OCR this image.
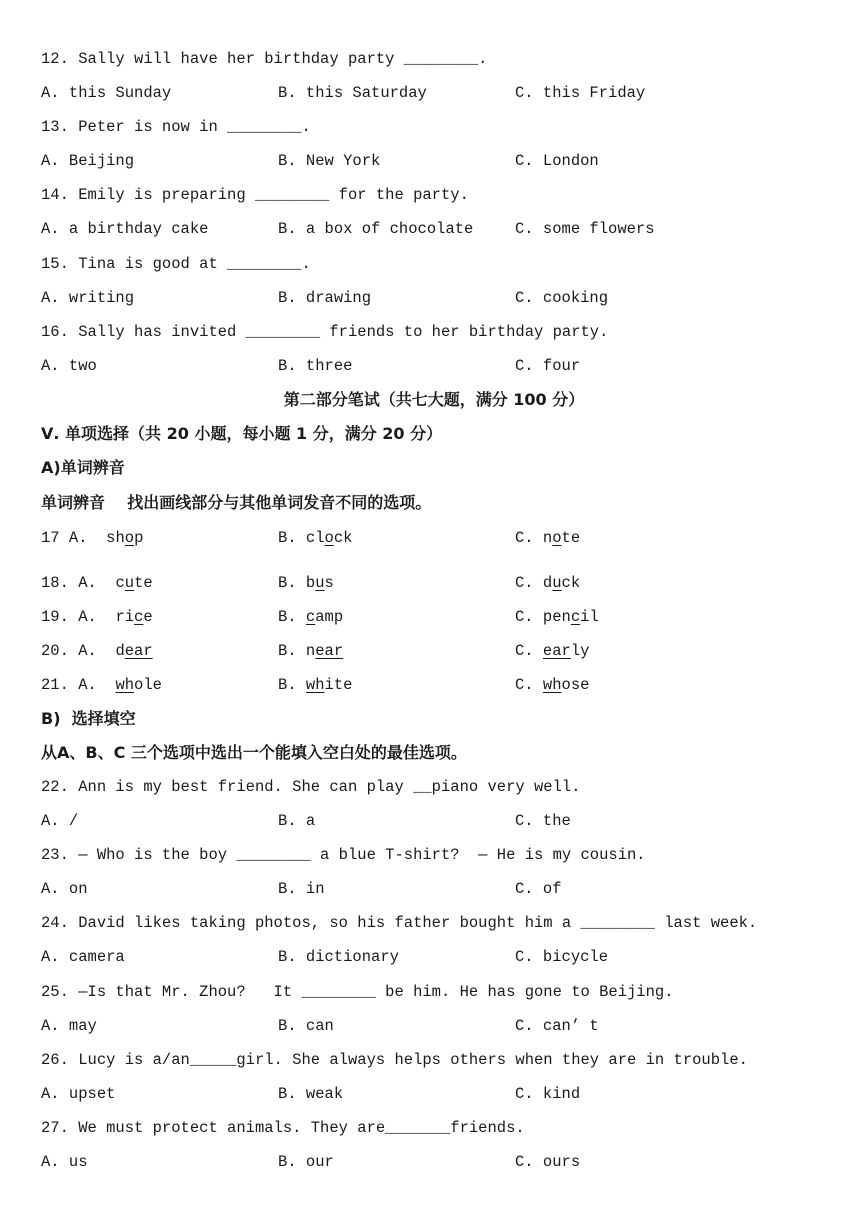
12. Sally will have her birthday party ________.
A. this Sunday	B. this Saturday	C. this Friday
13. Peter is now in ________.
A. Beijing	B. New York	C. London
14. Emily is preparing ________ for the party.
A. a birthday cake	B. a box of chocolate	C. some flowers
15. Tina is good at ________.
A. writing	B. drawing	C. cooking
16. Sally has invited ________ friends to her birthday party.
A. two	B. three	C. four
第二部分笔试（共七大题，满分 100 分）
Ⅴ. 单项选择（共 20 小题，每小题 1 分，满分 20 分）
A)单词辨音
单词辨音 找出画线部分与其他单词发音不同的选项。
17 A. shop	B. clock	C. note
18. A. cute	B. bus	C. duck
19. A. rice	B. camp	C. pencil
20. A. dear	B. near	C. early
21. A. whole	B. white	C. whose
B)  选择填空
从A、B、C 三个选项中选出一个能填入空白处的最佳选项。
22. Ann is my best friend. She can play __piano very well.
A. /	B. a	C. the
23. — Who is the boy ________ a blue T-shirt?  — He is my cousin.
A. on	B. in	C. of
24. David likes taking photos, so his father bought him a ________ last week.
A. camera	B. dictionary	C. bicycle
25. —Is that Mr. Zhou?   It ________ be him. He has gone to Beijing.
A. may	B. can	C. can’ t
26. Lucy is a/an_____girl. She always helps others when they are in trouble.
A. upset	B. weak	C. kind
27. We must protect animals. They are_______friends.
A. us	B. our	C. ours
